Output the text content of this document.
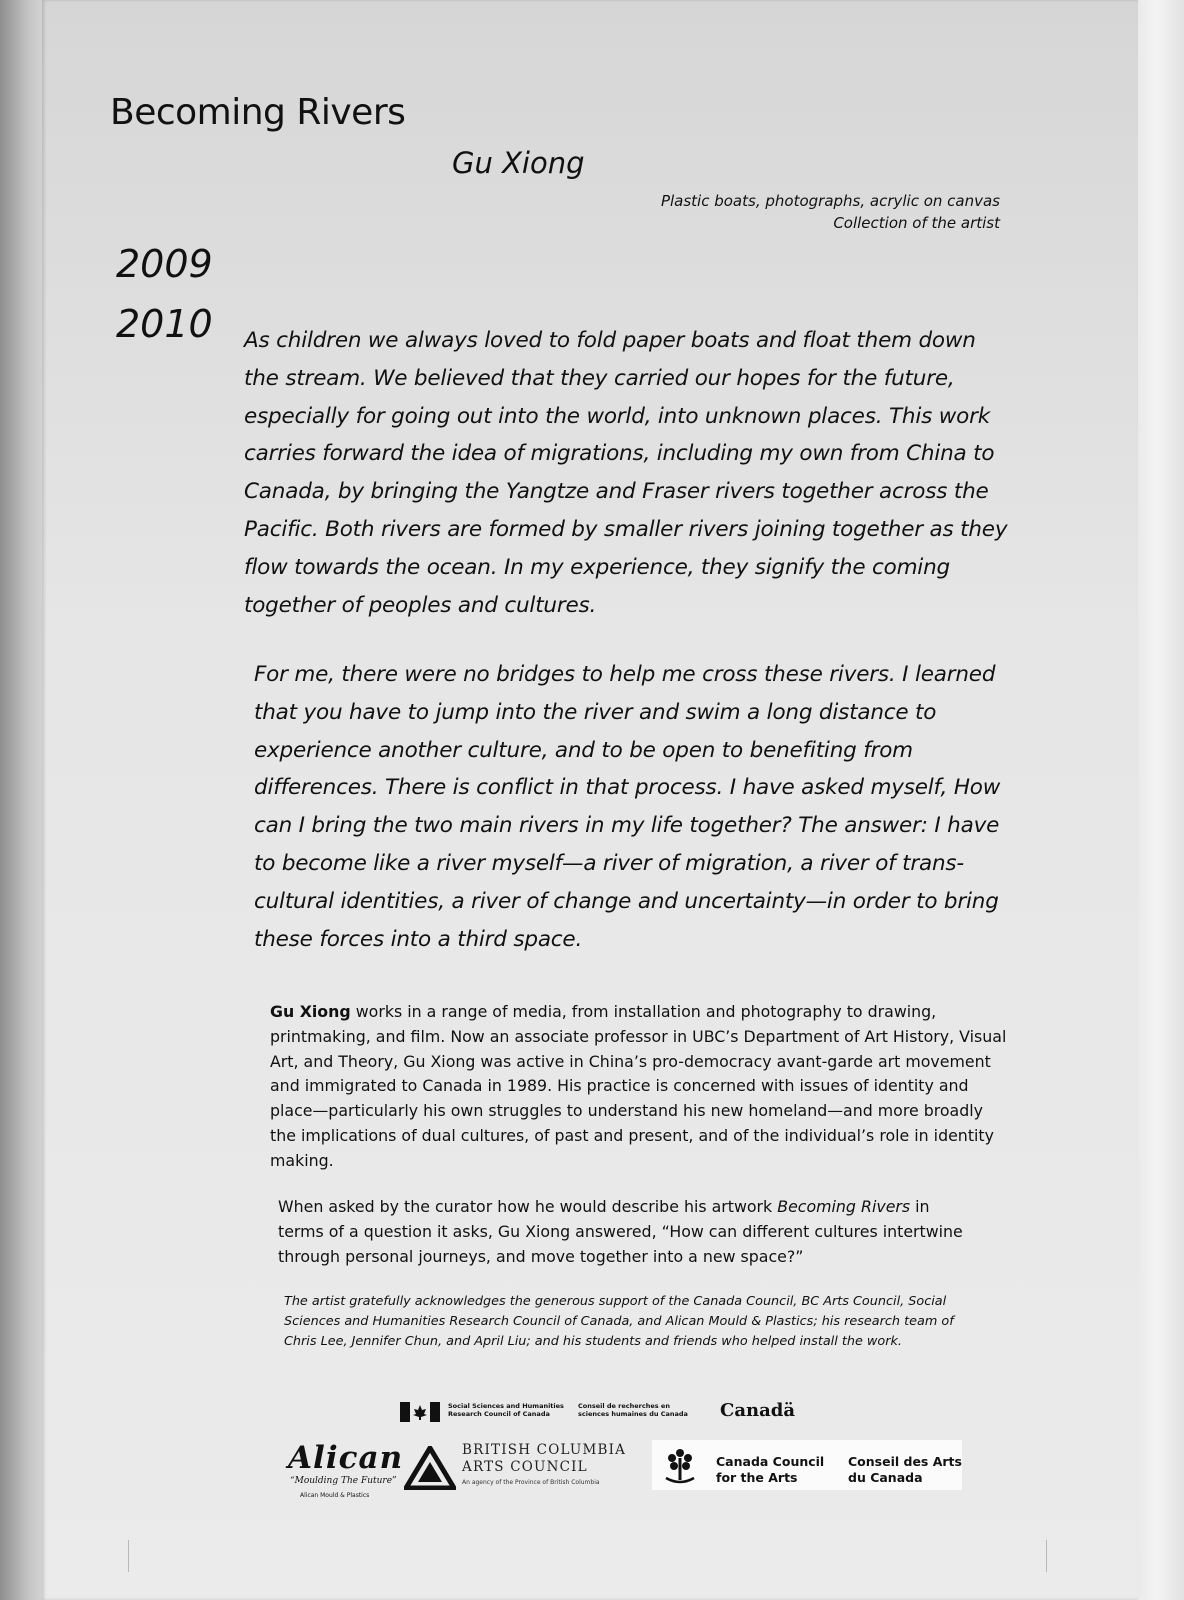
Becoming Rivers
Gu Xiong
Plastic boats, photographs, acrylic on canvas
Collection of the artist
2009
2010 As children we always loved to fold paper boats and float them down the stream. We believed that they carried our hopes for the future, especially for going out into the world, into unknown places. This work carries forward the idea of migrations, including my own from China to Canada, by bringing the Yangtze and Fraser rivers together across the Pacific. Both rivers are formed by smaller rivers joining together as they flow towards the ocean. In my experience, they signify the coming together of peoples and cultures.

For me, there were no bridges to help me cross these rivers. I learned that you have to jump into the river and swim a long distance to experience another culture, and to be open to benefiting from differences. There is conflict in that process. I have asked myself, How can I bring the two main rivers in my life together? The answer: I have to become like a river myself—a river of migration, a river of trans-cultural identities, a river of change and uncertainty—in order to bring these forces into a third space.

Gu Xiong works in a range of media, from installation and photography to drawing, printmaking, and film. Now an associate professor in UBC’s Department of Art History, Visual Art, and Theory, Gu Xiong was active in China’s pro-democracy avant-garde art movement and immigrated to Canada in 1989. His practice is concerned with issues of identity and place—particularly his own struggles to understand his new homeland—and more broadly the implications of dual cultures, of past and present, and of the individual’s role in identity making.

When asked by the curator how he would describe his artwork Becoming Rivers in terms of a question it asks, Gu Xiong answered, “How can different cultures intertwine through personal journeys, and move together into a new space?”

The artist gratefully acknowledges the generous support of the Canada Council, BC Arts Council, Social Sciences and Humanities Research Council of Canada, and Alican Mould & Plastics; his research team of Chris Lee, Jennifer Chun, and April Liu; and his students and friends who helped install the work.

Social Sciences and Humanities Research Council of Canada
Conseil de recherches en sciences humaines du Canada	Canadä
Alican
“Moulding The Future”
Alican Mould & Plastics
BRITISH COLUMBIA ARTS COUNCIL
An agency of the Province of British Columbia
Canada Council for the Arts
Conseil des Arts du Canada
